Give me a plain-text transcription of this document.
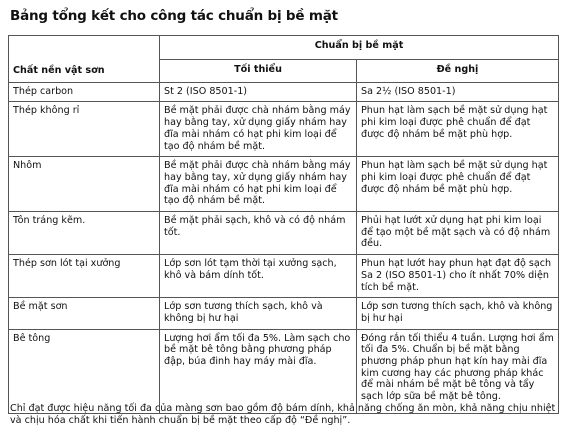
Bảng tổng kết cho công tác chuẩn bị bề mặt
Chất nền vật sơn	Chuẩn bị bề mặt	
	Tối thiểu	Đề nghị
Thép carbon	St 2 (ISO 8501-1)	Sa 2½ (ISO 8501-1)
Thép không rỉ	Bề mặt phải được chà nhám bằng máy hay bằng tay, xử dụng giấy nhám hay đĩa mài nhám có hạt phi kim loại để tạo độ nhám bề mặt.	Phun hạt làm sạch bề mặt sử dụng hạt phi kim loại được phê chuẩn để đạt được độ nhám bề mặt phù hợp.
Nhôm	Bề mặt phải được chà nhám bằng máy hay bằng tay, xử dụng giấy nhám hay đĩa mài nhám có hạt phi kim loại để tạo độ nhám bề mặt.	Phun hạt làm sạch bề mặt sử dụng hạt phi kim loại được phê chuẩn để đạt được độ nhám bề mặt phù hợp.
Tôn tráng kẽm.	Bề mặt phải sạch, khô và có độ nhám tốt.	Phủi hạt lướt xử dụng hạt phi kim loại để tạo một bề mặt sạch và có độ nhám đều.
Thép sơn lót tại xưởng	Lớp sơn lót tạm thời tại xưởng sạch, khô và bám dính tốt.	Phun hạt lướt hay phun hạt đạt độ sạch Sa 2 (ISO 8501-1) cho ít nhất 70% diện tích bề mặt.
Bề mặt sơn	Lớp sơn tương thích sạch, khô và không bị hư hại	Lớp sơn tương thích sạch, khô và không bị hư hại
Bê tông	Lượng hơi ẩm tối đa 5%. Làm sạch cho bề mặt bê tông bằng phương pháp đập, búa đinh hay máy mài đĩa.	Đóng rắn tối thiểu 4 tuần. Lượng hơi ẩm tối đa 5%. Chuẩn bị bề mặt bằng phương pháp phun hạt kín hay mài đĩa kim cương hay các phương pháp khác để mài nhám bề mặt bê tông và tẩy sạch lớp sữa bề mặt bê tông.
Chỉ đạt được hiệu năng tối đa của màng sơn bao gồm độ bám dính, khả năng chống ăn mòn, khả năng chịu nhiệt và chịu hóa chất khi tiến hành chuẩn bị bề mặt theo cấp độ “Đề nghị”.
